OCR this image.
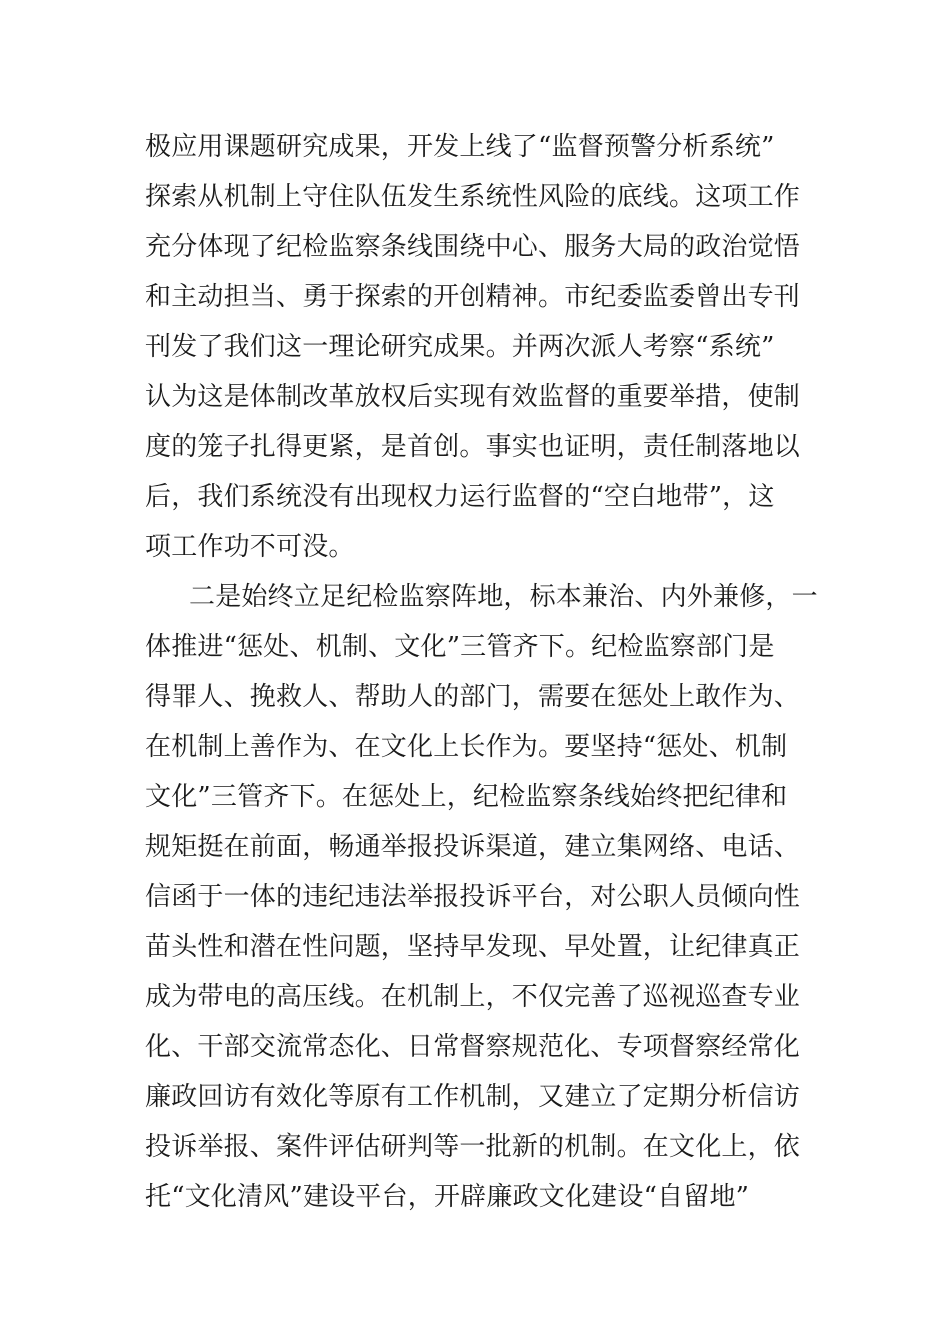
极应用课题研究成果，开发上线了“监督预警分析系统”
探索从机制上守住队伍发生系统性风险的底线。这项工作
充分体现了纪检监察条线围绕中心、服务大局的政治觉悟
和主动担当、勇于探索的开创精神。市纪委监委曾出专刊
刊发了我们这一理论研究成果。并两次派人考察“系统”
认为这是体制改革放权后实现有效监督的重要举措，使制
度的笼子扎得更紧，是首创。事实也证明，责任制落地以
后，我们系统没有出现权力运行监督的“空白地带”，这
项工作功不可没。
二是始终立足纪检监察阵地，标本兼治、内外兼修，一
体推进“惩处、机制、文化”三管齐下。纪检监察部门是
得罪人、挽救人、帮助人的部门，需要在惩处上敢作为、
在机制上善作为、在文化上长作为。要坚持“惩处、机制
文化”三管齐下。在惩处上，纪检监察条线始终把纪律和
规矩挺在前面，畅通举报投诉渠道，建立集网络、电话、
信函于一体的违纪违法举报投诉平台，对公职人员倾向性
苗头性和潜在性问题，坚持早发现、早处置，让纪律真正
成为带电的高压线。在机制上，不仅完善了巡视巡查专业
化、干部交流常态化、日常督察规范化、专项督察经常化
廉政回访有效化等原有工作机制，又建立了定期分析信访
投诉举报、案件评估研判等一批新的机制。在文化上，依
托“文化清风”建设平台，开辟廉政文化建设“自留地”
